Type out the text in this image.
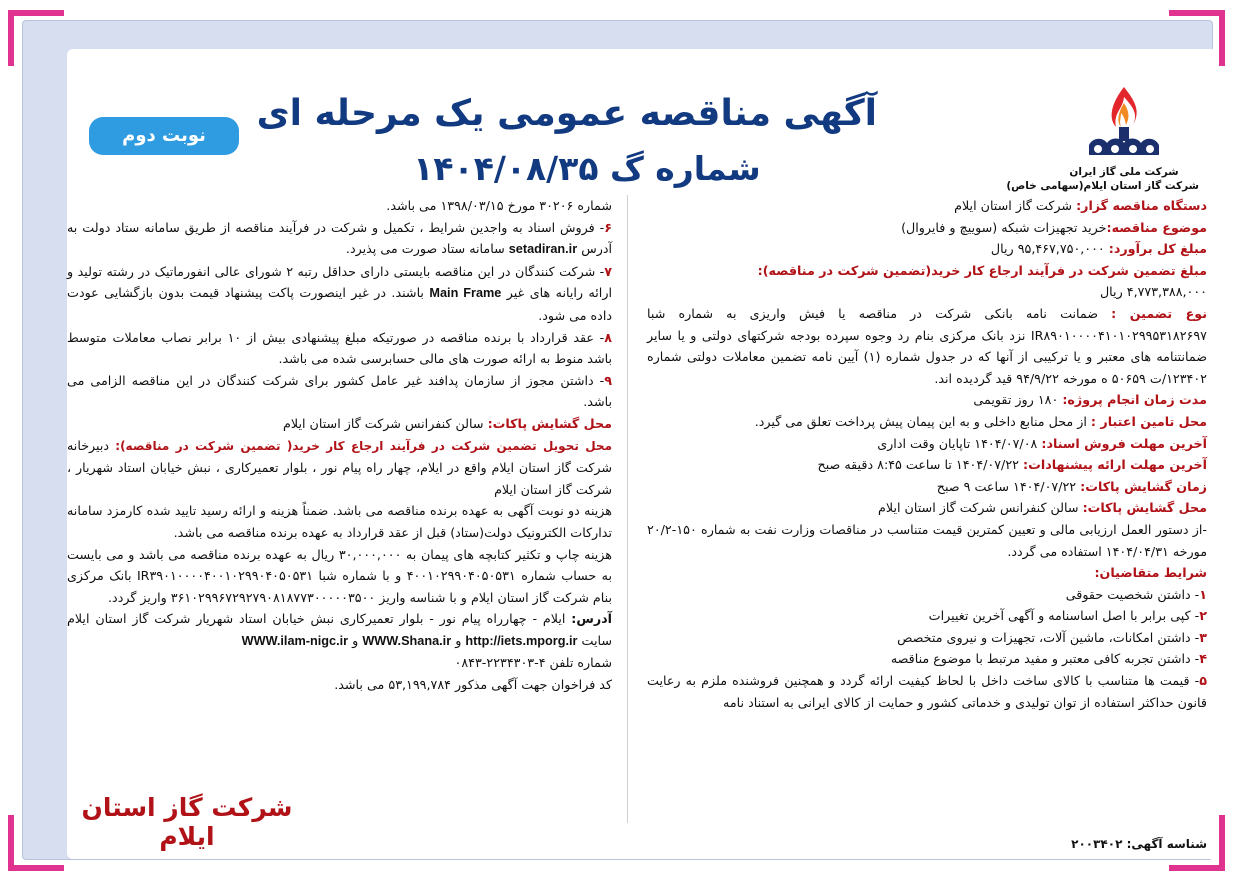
شرکت ملی گاز ایران
شرکت گاز استان ایلام(سهامی خاص)
آگهی مناقصه عمومی یک مرحله ای
شماره گ ۱۴۰۴/۰۸/۳۵
نوبت دوم

دستگاه مناقصه گزار: شرکت گاز استان ایلام

موضوع مناقصه:خرید تجهیزات شبکه (سوییچ و فایروال)

مبلغ کل برآورد: ۹۵,۴۶۷,۷۵۰,۰۰۰ ریال

مبلغ تضمین شرکت در فرآیند ارجاع کار خرید(تضمین شرکت در مناقصه):

۴,۷۷۳,۳۸۸,۰۰۰ ریال

نوع تضمین : ضمانت نامه بانکی شرکت در مناقصه یا فیش واریزی به شماره شبا IR۸۹۰۱۰۰۰۰۴۱۰۱۰۲۹۹۵۳۱۸۲۶۹۷ نزد بانک مرکزی بنام رد وجوه سپرده بودجه شرکتهای دولتی و یا سایر ضمانتنامه های معتبر و یا ترکیبی از آنها که در جدول شماره (۱) آیین نامه تضمین معاملات دولتی شماره ۱۲۳۴۰۲/ت ۵۰۶۵۹ ه مورخه ۹۴/۹/۲۲ قید گردیده اند.

مدت زمان انجام پروژه: ۱۸۰ روز تقویمی

محل تامین اعتبار : از محل منابع داخلی و به این پیمان پیش پرداخت تعلق می گیرد.

آخرین مهلت فروش اسناد: ۱۴۰۴/۰۷/۰۸ تاپایان وقت اداری

آخرین مهلت ارائه پیشنهادات: ۱۴۰۴/۰۷/۲۲ تا ساعت ۸:۴۵ دقیقه صبح

زمان گشایش پاکات: ۱۴۰۴/۰۷/۲۲ ساعت ۹ صبح

محل گشایش پاکات: سالن کنفرانس شرکت گاز استان ایلام

-از دستور العمل ارزیابی مالی و تعیین کمترین قیمت متناسب در مناقصات وزارت نفت به شماره ۱۵۰-۲۰/۲ مورخه ۱۴۰۴/۰۴/۳۱ استفاده می گردد.

شرایط متقاضیان:

۱- داشتن شخصیت حقوقی

۲- کپی برابر با اصل اساسنامه و آگهی آخرین تغییرات

۳- داشتن امکانات، ماشین آلات، تجهیزات و نیروی متخصص

۴- داشتن تجربه کافی معتبر و مفید مرتبط با موضوع مناقصه

۵- قیمت ها متناسب با کالای ساخت داخل با لحاظ کیفیت ارائه گردد و همچنین فروشنده ملزم به رعایت قانون حداکثر استفاده از توان تولیدی و خدماتی کشور و حمایت از کالای ایرانی به استناد نامه

شناسه آگهی: ۲۰۰۳۴۰۲

شماره ۳۰۲۰۶ مورخ ۱۳۹۸/۰۳/۱۵ می باشد.

۶- فروش اسناد به واجدین شرایط ، تکمیل و شرکت در فرآیند مناقصه از طریق سامانه ستاد دولت به آدرس setadiran.ir سامانه ستاد صورت می پذیرد.

۷- شرکت کنندگان در این مناقصه بایستی دارای حداقل رتبه ۲ شورای عالی انفورماتیک در رشته تولید و ارائه رایانه های غیر Main Frame باشند. در غیر اینصورت پاکت پیشنهاد قیمت بدون بازگشایی عودت داده می شود.

۸- عقد قرارداد با برنده مناقصه در صورتیکه مبلغ پیشنهادی بیش از ۱۰ برابر نصاب معاملات متوسط باشد منوط به ارائه صورت های مالی حسابرسی شده می باشد.

۹- داشتن مجوز از سازمان پدافند غیر عامل کشور برای شرکت کنندگان در این مناقصه الزامی می باشد.

محل گشایش پاکات: سالن کنفرانس شرکت گاز استان ایلام

محل تحویل تضمین شرکت در فرآیند ارجاع کار خرید( تضمین شرکت در مناقصه): دبیرخانه شرکت گاز استان ایلام واقع در ایلام، چهار راه پیام نور ، بلوار تعمیرکاری ، نبش خیابان استاد شهریار ، شرکت گاز استان ایلام

هزینه دو نوبت آگهی به عهده برنده مناقصه می باشد. ضمناً هزینه و ارائه رسید تایید شده کارمزد سامانه تدارکات الکترونیک دولت(ستاد) قبل از عقد قرارداد به عهده برنده مناقصه می باشد.

هزینه چاپ و تکثیر کتابچه های پیمان به ۳۰,۰۰۰,۰۰۰ ریال به عهده برنده مناقصه می باشد و می بایست به حساب شماره ۴۰۰۱۰۲۹۹۰۴۰۵۰۵۳۱ و با شماره شبا IR۳۹۰۱۰۰۰۰۴۰۰۱۰۲۹۹۰۴۰۵۰۵۳۱ بانک مرکزی بنام شرکت گاز استان ایلام و با شناسه واریز ۳۶۱۰۲۹۹۶۷۲۹۲۷۹۰۸۱۸۷۷۳۰۰۰۰۰۳۵۰۰ واریز گردد.

آدرس: ایلام - چهارراه پیام نور - بلوار تعمیرکاری نبش خیابان استاد شهریار شرکت گاز استان ایلام سایت http://iets.mporg.ir و WWW.Shana.ir و WWW.ilam-nigc.ir

شماره تلفن ۴-۲۲۳۴۳۰۳-۰۸۴۳

کد فراخوان جهت آگهی مذکور ۵۳,۱۹۹,۷۸۴ می باشد.

شرکت گاز استان ایلام
